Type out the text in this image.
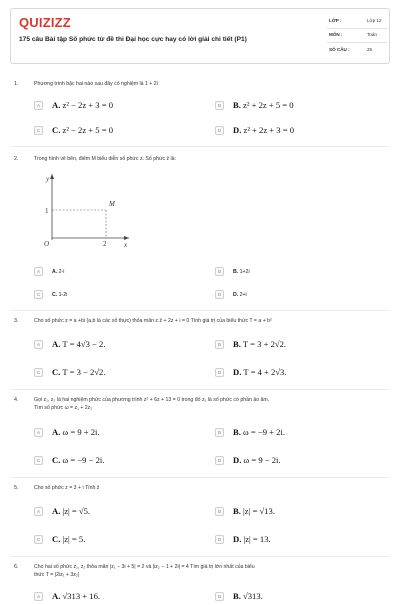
QUIZIZZ
175 câu Bài tập Số phức từ đề thi Đại học cực hay có lời giải chi tiết (P1)
LỚP :	Lớp 12
MÔN :	Toán
SỐ CÂU :	25
1.	Phương trình bậc hai nào sau đây có nghiệm là 1 + 2i
A	A. z² − 2z + 3 = 0	B	B. z² + 2z + 5 = 0
C	C. z² − 2z + 5 = 0	D	D. z² + 2z + 3 = 0
2.	Trong hình vẽ bên, điểm M biểu diễn số phức z. Số phức z̄ là:
y
x
M
O	2
1
A	A. 2-i	B	B. 1+2i
C	C. 1-2i	D	D. 2+i
3.	Cho số phức z = a +bi (a,b là các số thực) thỏa mãn z.z̄ + 2z + i = 0 Tính giá trị của biểu thức T = a + b²
A	A. T = 4√3 − 2.	B	B. T = 3 + 2√2.
C	C. T = 3 − 2√2.	D	D. T = 4 + 2√3.
4.	Gọi z₁, z₂ là hai nghiệm phức của phương trình z² + 6z + 13 = 0 trong đó z₁ là số phức có phần ảo âm.
Tìm số phức ω = z₁ + 2z₂
A	A. ω = 9 + 2i.	B	B. ω = −9 + 2i.
C	C. ω = −9 − 2i.	D	D. ω = 9 − 2i.
5.	Cho số phức z = 3 + i Tính z̄
A	A. |z| = √5.	B	B. |z| = √13.
C	C. |z| = 5.	D	D. |z| = 13.
6.	Cho hai số phức z₁, z₂ thỏa mãn |z₁ − 3i + 5| = 2 và |iz₂ − 1 + 2i| = 4 Tìm giá trị lớn nhất của biểu
thức T = |2iz₁ + 3z₂|
A	A. √313 + 16.	B	B. √313.
